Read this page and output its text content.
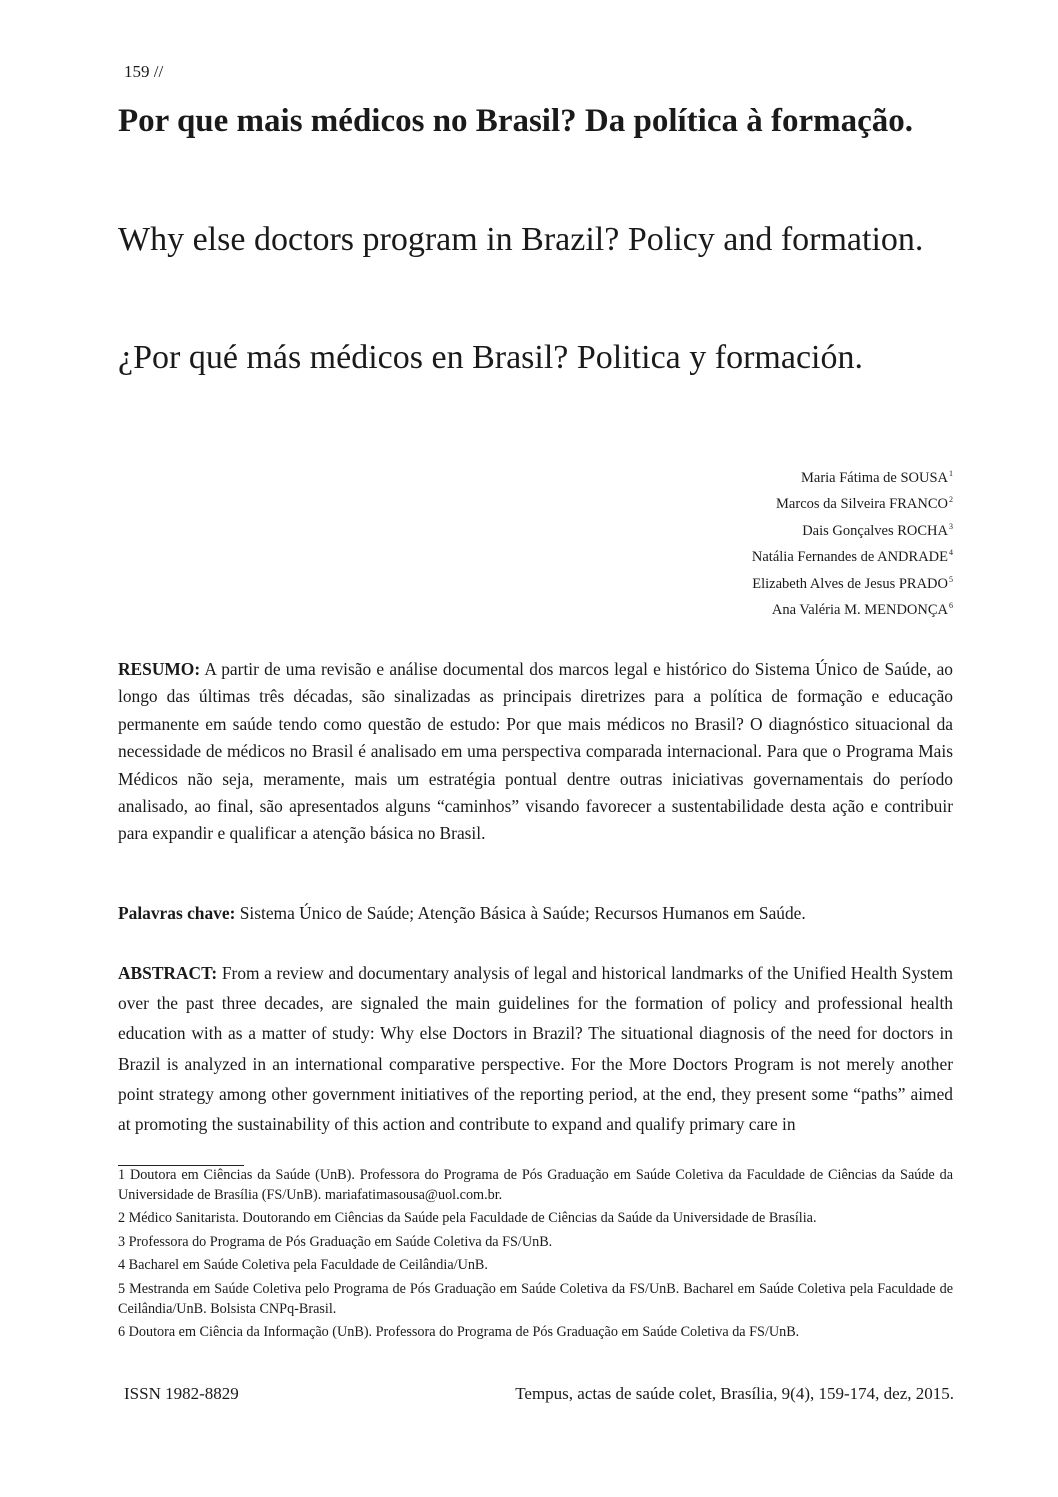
159 //
Por que mais médicos no Brasil? Da política à formação.
Why else doctors program in Brazil? Policy and formation.
¿Por qué más médicos en Brasil? Politica y formación.
Maria Fátima de SOUSA$^1$
Marcos da Silveira FRANCO$^2$
Dais Gonçalves ROCHA$^3$
Natália Fernandes de ANDRADE$^4$
Elizabeth Alves de Jesus PRADO$^5$
Ana Valéria M. MENDONÇA$^6$

RESUMO: A partir de uma revisão e análise documental dos marcos legal e histórico do Sistema Único de Saúde, ao longo das últimas três décadas, são sinalizadas as principais diretrizes para a política de formação e educação permanente em saúde tendo como questão de estudo: Por que mais médicos no Brasil? O diagnóstico situacional da necessidade de médicos no Brasil é analisado em uma perspectiva comparada internacional. Para que o Programa Mais Médicos não seja, meramente, mais um estratégia pontual dentre outras iniciativas governamentais do período analisado, ao final, são apresentados alguns “caminhos” visando favorecer a sustentabilidade desta ação e contribuir para expandir e qualificar a atenção básica no Brasil.

Palavras chave: Sistema Único de Saúde; Atenção Básica à Saúde; Recursos Humanos em Saúde.

ABSTRACT: From a review and documentary analysis of legal and historical landmarks of the Unified Health System over the past three decades, are signaled the main guidelines for the formation of policy and professional health education with as a matter of study: Why else Doctors in Brazil? The situational diagnosis of the need for doctors in Brazil is analyzed in an international comparative perspective. For the More Doctors Program is not merely another point strategy among other government initiatives of the reporting period, at the end, they present some “paths” aimed at promoting the sustainability of this action and contribute to expand and qualify primary care in

1 Doutora em Ciências da Saúde (UnB). Professora do Programa de Pós Graduação em Saúde Coletiva da Faculdade de Ciências da Saúde da Universidade de Brasília (FS/UnB). mariafatimasousa@uol.com.br.

2 Médico Sanitarista. Doutorando em Ciências da Saúde pela Faculdade de Ciências da Saúde da Universidade de Brasília.

3 Professora do Programa de Pós Graduação em Saúde Coletiva da FS/UnB.

4 Bacharel em Saúde Coletiva pela Faculdade de Ceilândia/UnB.

5 Mestranda em Saúde Coletiva pelo Programa de Pós Graduação em Saúde Coletiva da FS/UnB. Bacharel em Saúde Coletiva pela Faculdade de Ceilândia/UnB. Bolsista CNPq-Brasil.

6 Doutora em Ciência da Informação (UnB). Professora do Programa de Pós Graduação em Saúde Coletiva da FS/UnB.

ISSN 1982-8829	Tempus, actas de saúde colet, Brasília, 9(4), 159-174, dez, 2015.
